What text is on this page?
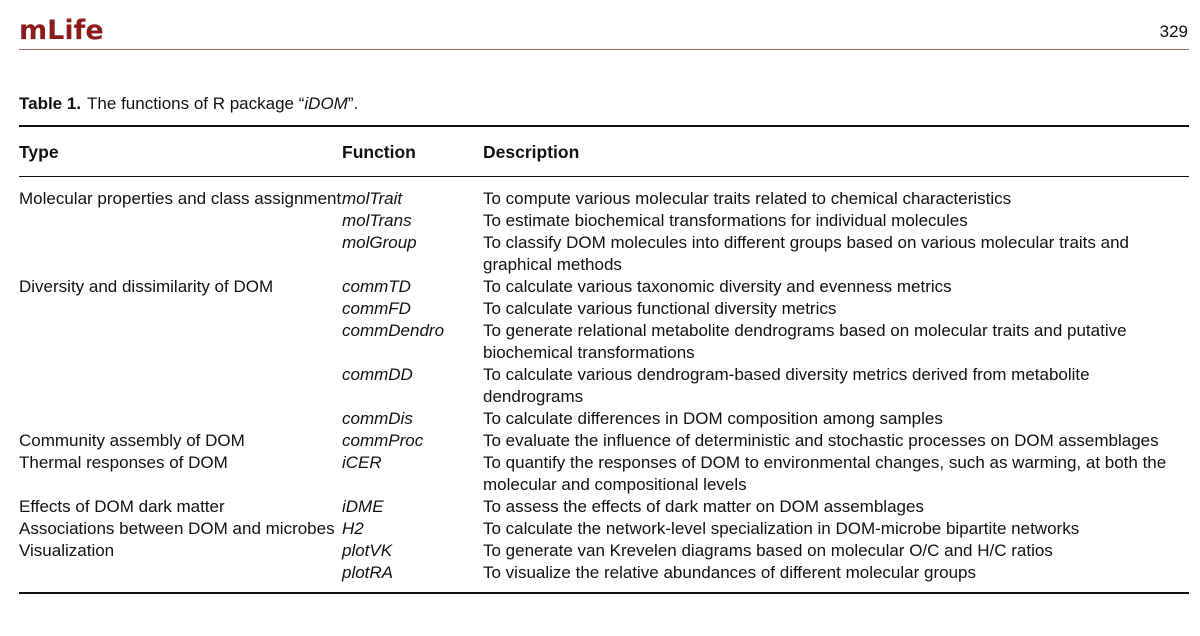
mLife	329
Table 1. The functions of R package “iDOM”.
Type	Function	Description
Molecular properties and class assignment	molTrait	To compute various molecular traits related to chemical characteristics
	molTrans	To estimate biochemical transformations for individual molecules
	molGroup	To classify DOM molecules into different groups based on various molecular traits and graphical methods
Diversity and dissimilarity of DOM	commTD	To calculate various taxonomic diversity and evenness metrics
	commFD	To calculate various functional diversity metrics
	commDendro	To generate relational metabolite dendrograms based on molecular traits and putative biochemical transformations
	commDD	To calculate various dendrogram-based diversity metrics derived from metabolite dendrograms
	commDis	To calculate differences in DOM composition among samples
Community assembly of DOM	commProc	To evaluate the influence of deterministic and stochastic processes on DOM assemblages
Thermal responses of DOM	iCER	To quantify the responses of DOM to environmental changes, such as warming, at both the molecular and compositional levels
Effects of DOM dark matter	iDME	To assess the effects of dark matter on DOM assemblages
Associations between DOM and microbes	H2	To calculate the network-level specialization in DOM-microbe bipartite networks
Visualization	plotVK	To generate van Krevelen diagrams based on molecular O/C and H/C ratios
	plotRA	To visualize the relative abundances of different molecular groups
